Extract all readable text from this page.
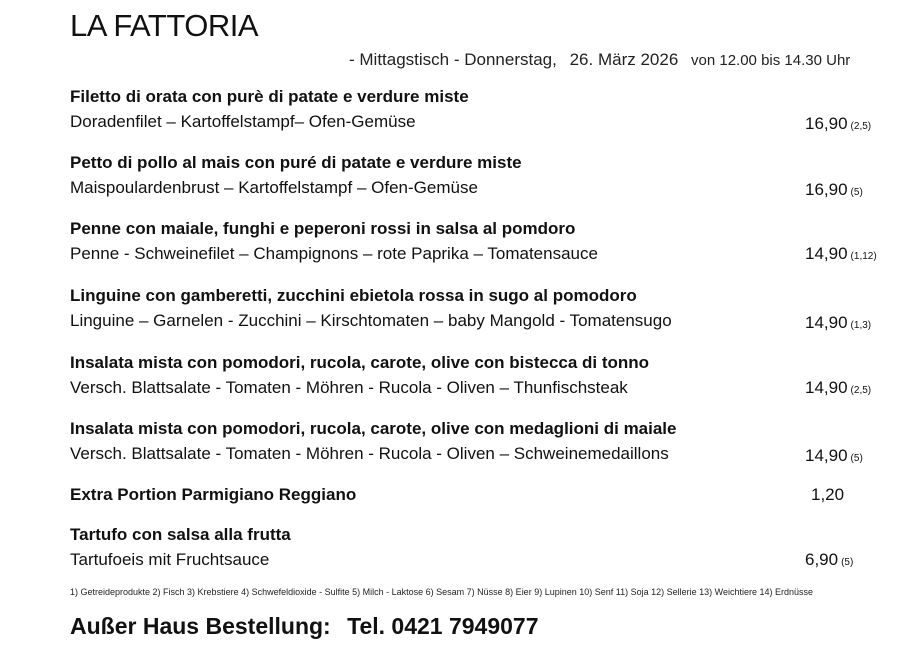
LA FATTORIA
- Mittagstisch - Donnerstag, 26. März 2026 von 12.00 bis 14.30 Uhr
Filetto di orata con purè di patate e verdure miste
Doradenfilet – Kartoffelstampf– Ofen-Gemüse	16,90 (2,5)
Petto di pollo al mais con puré di patate e verdure miste
Maispoulardenbrust – Kartoffelstampf – Ofen-Gemüse	16,90 (5)
Penne con maiale, funghi e peperoni rossi in salsa al pomdoro
Penne - Schweinefilet – Champignons – rote Paprika – Tomatensauce	14,90 (1,12)
Linguine con gamberetti, zucchini ebietola rossa in sugo al pomodoro
Linguine – Garnelen - Zucchini – Kirschtomaten – baby Mangold - Tomatensugo	14,90 (1,3)
Insalata mista con pomodori, rucola, carote, olive con bistecca di tonno
Versch. Blattsalate - Tomaten - Möhren - Rucola - Oliven – Thunfischsteak	14,90 (2,5)
Insalata mista con pomodori, rucola, carote, olive con medaglioni di maiale
Versch. Blattsalate - Tomaten - Möhren - Rucola - Oliven – Schweinemedaillons	14,90 (5)
Extra Portion Parmigiano Reggiano	1,20
Tartufo con salsa alla frutta
Tartufoeis mit Fruchtsauce	6,90 (5)
1) Getreideprodukte 2) Fisch 3) Krebstiere 4) Schwefeldioxide - Sulfite 5) Milch - Laktose 6) Sesam 7) Nüsse 8) Eier 9) Lupinen 10) Senf 11) Soja 12) Sellerie 13) Weichtiere 14) Erdnüsse
Außer Haus Bestellung: Tel. 0421 7949077
